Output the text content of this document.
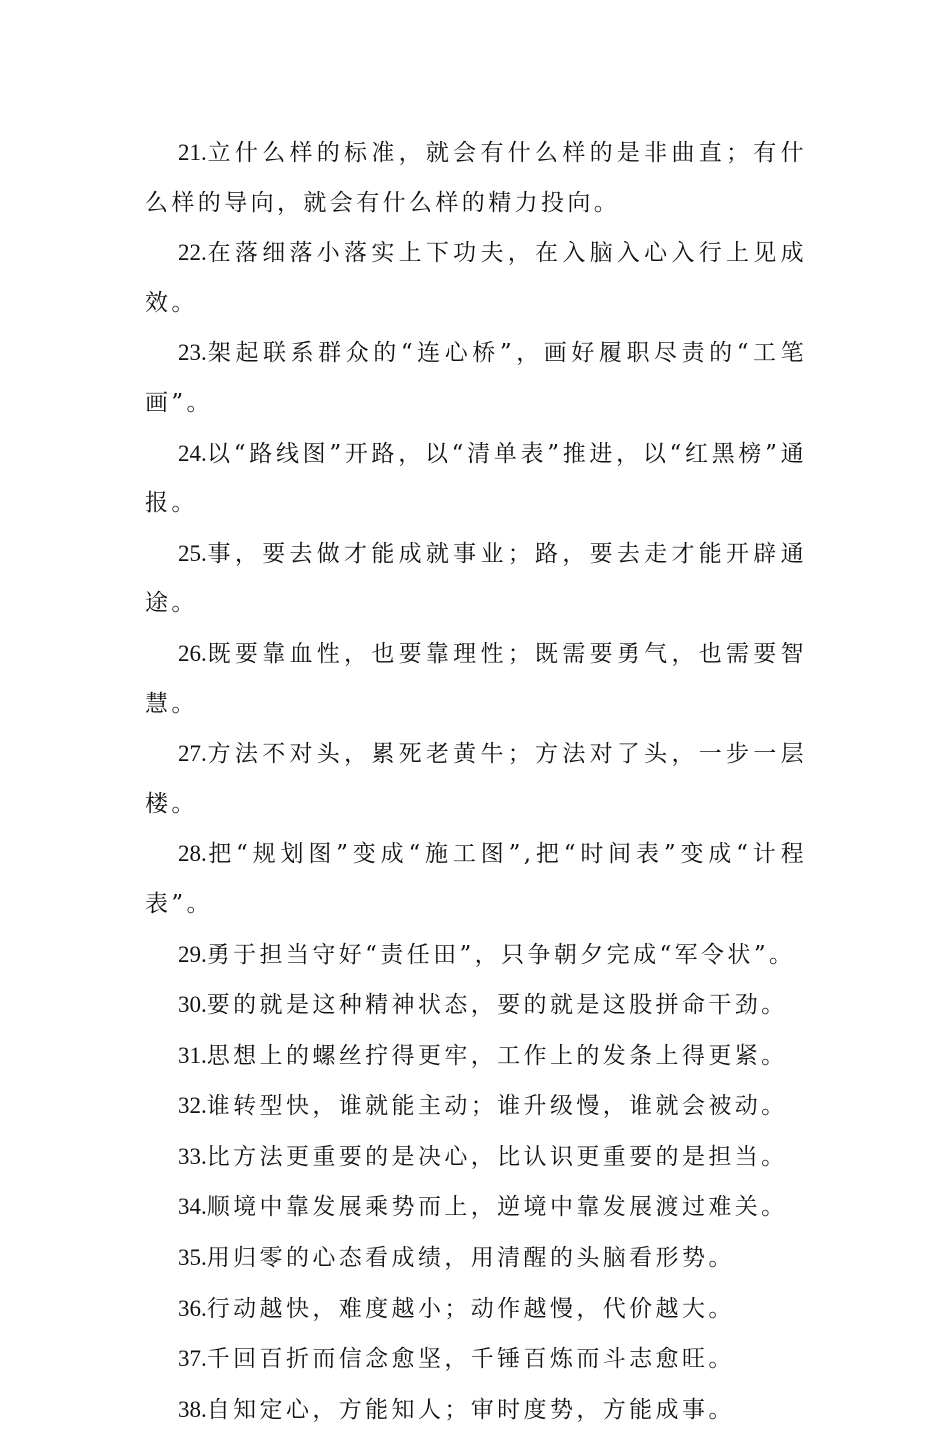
21.立什么样的标准，就会有什么样的是非曲直；有什么样的导向，就会有什么样的精力投向。

22.在落细落小落实上下功夫，在入脑入心入行上见成效。

23.架起联系群众的“连心桥”，画好履职尽责的“工笔画”。

24.以“路线图”开路，以“清单表”推进，以“红黑榜”通报。

25.事，要去做才能成就事业；路，要去走才能开辟通途。

26.既要靠血性，也要靠理性；既需要勇气，也需要智慧。

27.方法不对头，累死老黄牛；方法对了头，一步一层楼。

28.把“规划图”变成“施工图”,把“时间表”变成“计程表”。

29.勇于担当守好“责任田”，只争朝夕完成“军令状”。

30.要的就是这种精神状态，要的就是这股拼命干劲。

31.思想上的螺丝拧得更牢，工作上的发条上得更紧。

32.谁转型快，谁就能主动；谁升级慢，谁就会被动。

33.比方法更重要的是决心，比认识更重要的是担当。

34.顺境中靠发展乘势而上，逆境中靠发展渡过难关。

35.用归零的心态看成绩，用清醒的头脑看形势。

36.行动越快，难度越小；动作越慢，代价越大。

37.千回百折而信念愈坚，千锤百炼而斗志愈旺。

38.自知定心，方能知人；审时度势，方能成事。
